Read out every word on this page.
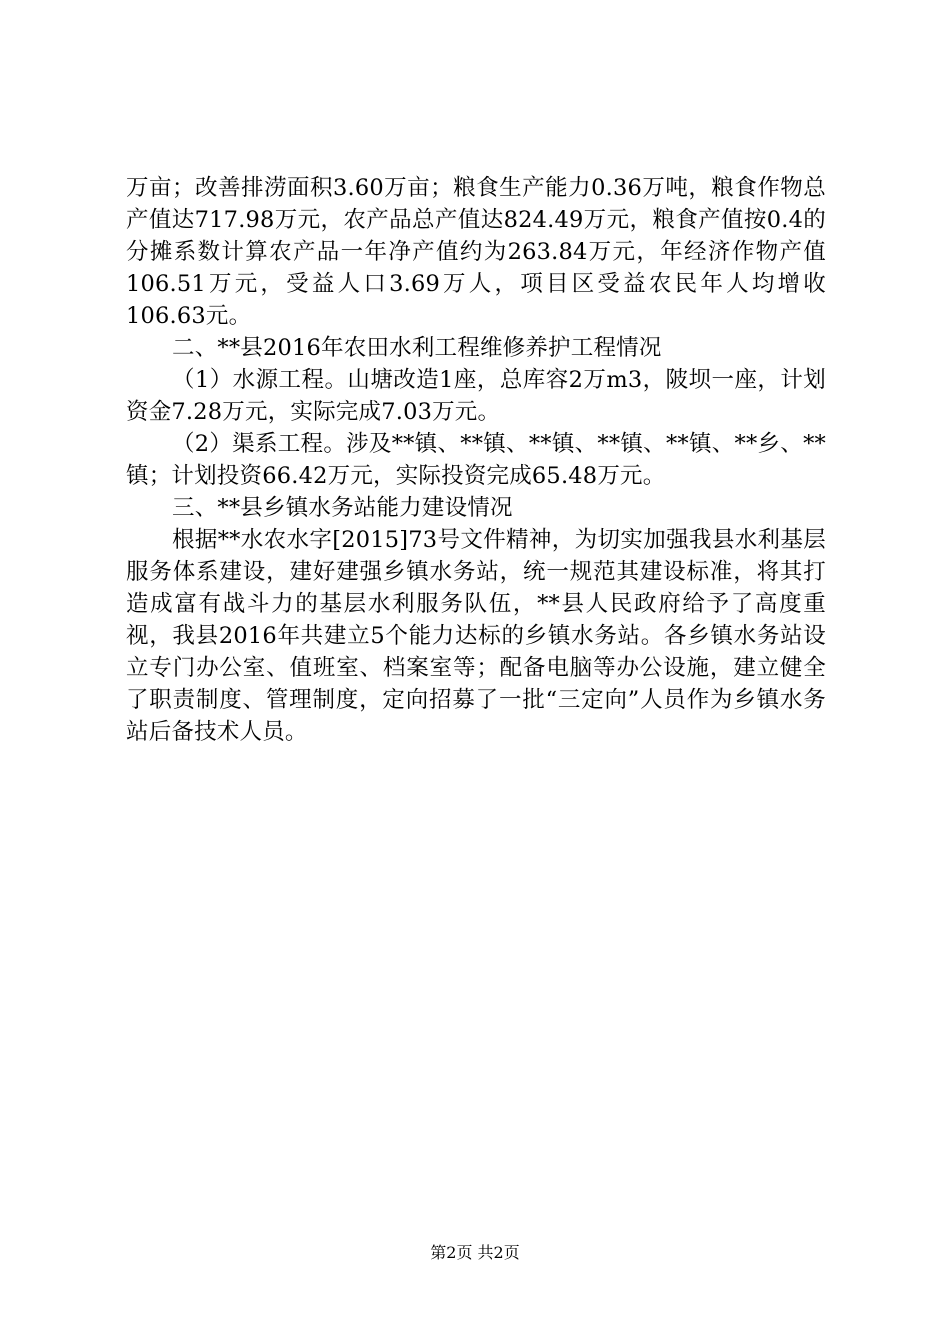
万亩；改善排涝面积3.60万亩；粮食生产能力0.36万吨，粮食作物总产值达717.98万元，农产品总产值达824.49万元，粮食产值按0.4的分摊系数计算农产品一年净产值约为263.84万元，年经济作物产值106.51万元，受益人口3.69万人，项目区受益农民年人均增收106.63元。

二、**县2016年农田水利工程维修养护工程情况

（1）水源工程。山塘改造1座，总库容2万m3，陂坝一座，计划资金7.28万元，实际完成7.03万元。

（2）渠系工程。涉及**镇、**镇、**镇、**镇、**镇、**乡、**镇；计划投资66.42万元，实际投资完成65.48万元。

三、**县乡镇水务站能力建设情况

根据**水农水字[2015]73号文件精神，为切实加强我县水利基层服务体系建设，建好建强乡镇水务站，统一规范其建设标准，将其打造成富有战斗力的基层水利服务队伍，**县人民政府给予了高度重视，我县2016年共建立5个能力达标的乡镇水务站。各乡镇水务站设立专门办公室、值班室、档案室等；配备电脑等办公设施，建立健全了职责制度、管理制度，定向招募了一批“三定向”人员作为乡镇水务站后备技术人员。

第2页 共2页
